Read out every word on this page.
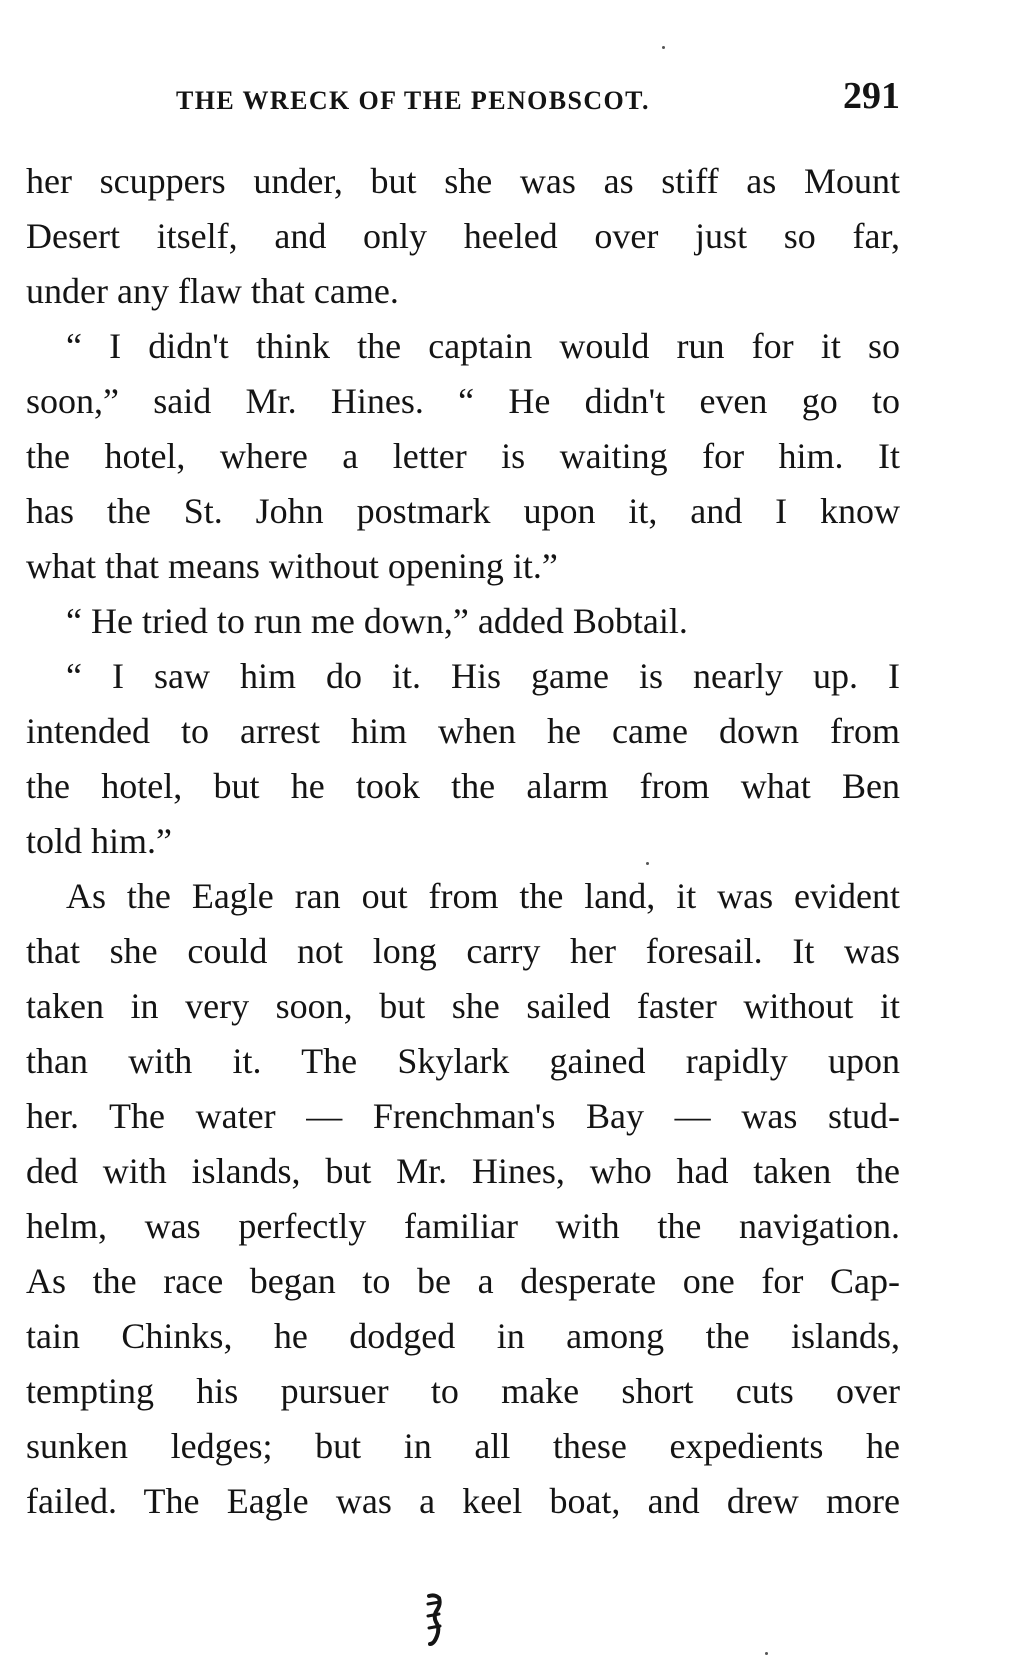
THE WRECK OF THE PENOBSCOT.	291
her scuppers under, but she was as stiff as Mount
Desert itself, and only heeled over just so far,
under any flaw that came.
“ I didn't think the captain would run for it so
soon,” said Mr. Hines. “ He didn't even go to
the hotel, where a letter is waiting for him. It
has the St. John postmark upon it, and I know
what that means without opening it.”
“ He tried to run me down,” added Bobtail.
“ I saw him do it. His game is nearly up. I
intended to arrest him when he came down from
the hotel, but he took the alarm from what Ben
told him.”
As the Eagle ran out from the land, it was evident
that she could not long carry her foresail. It was
taken in very soon, but she sailed faster without it
than with it. The Skylark gained rapidly upon
her. The water — Frenchman's Bay — was stud-
ded with islands, but Mr. Hines, who had taken the
helm, was perfectly familiar with the navigation.
As the race began to be a desperate one for Cap-
tain Chinks, he dodged in among the islands,
tempting his pursuer to make short cuts over
sunken ledges; but in all these expedients he
failed. The Eagle was a keel boat, and drew more
